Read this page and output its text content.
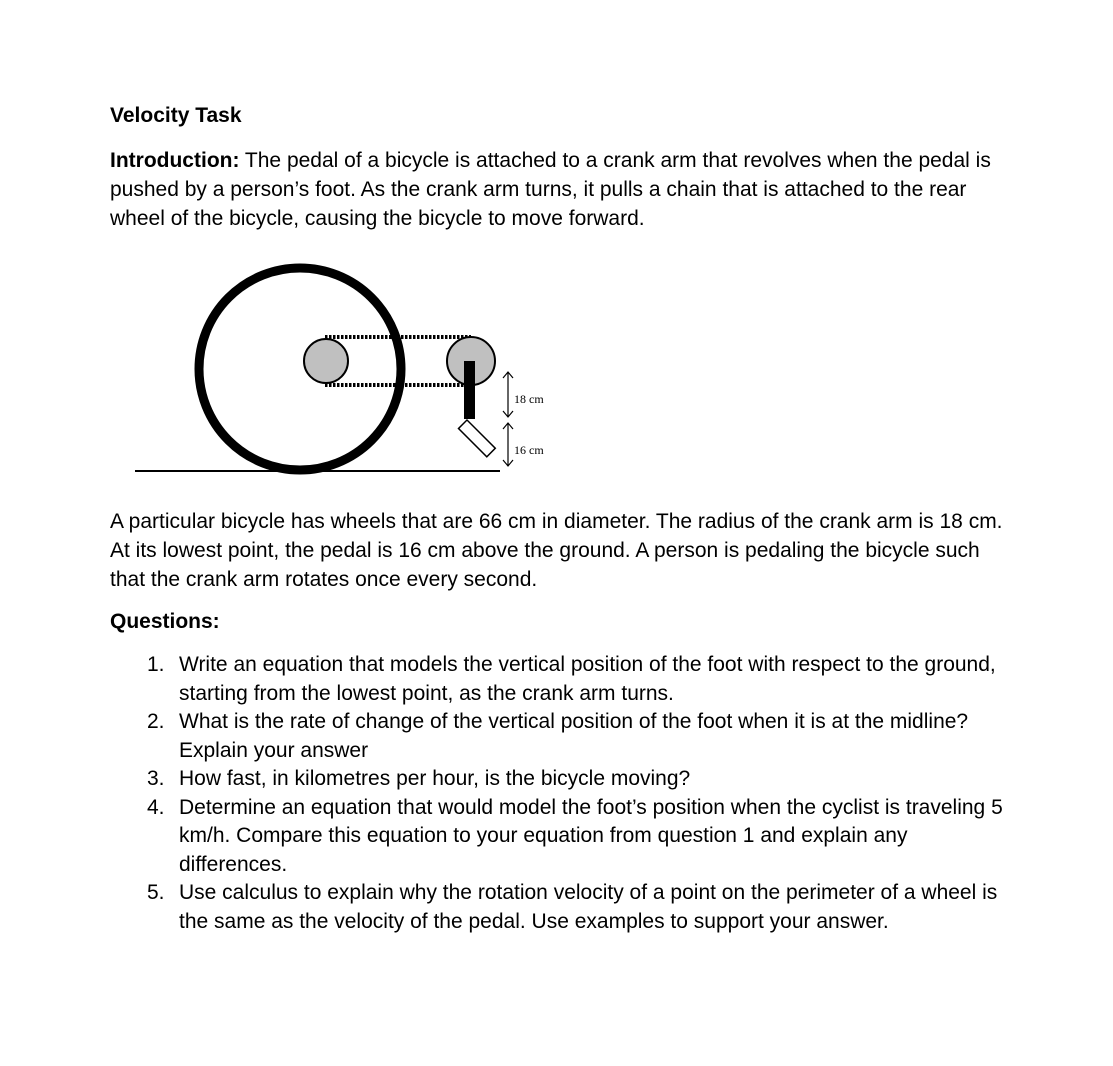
Velocity Task
Introduction: The pedal of a bicycle is attached to a crank arm that revolves when the pedal is pushed by a person’s foot. As the crank arm turns, it pulls a chain that is attached to the rear wheel of the bicycle, causing the bicycle to move forward.
A particular bicycle has wheels that are 66 cm in diameter. The radius of the crank arm is 18 cm. At its lowest point, the pedal is 16 cm above the ground. A person is pedaling the bicycle such that the crank arm rotates once every second.
Questions:
1. Write an equation that models the vertical position of the foot with respect to the ground, starting from the lowest point, as the crank arm turns.
2. What is the rate of change of the vertical position of the foot when it is at the midline? Explain your answer
3. How fast, in kilometres per hour, is the bicycle moving?
4. Determine an equation that would model the foot’s position when the cyclist is traveling 5 km/h. Compare this equation to your equation from question 1 and explain any differences.
5. Use calculus to explain why the rotation velocity of a point on the perimeter of a wheel is the same as the velocity of the pedal. Use examples to support your answer.
18 cm
16 cm
